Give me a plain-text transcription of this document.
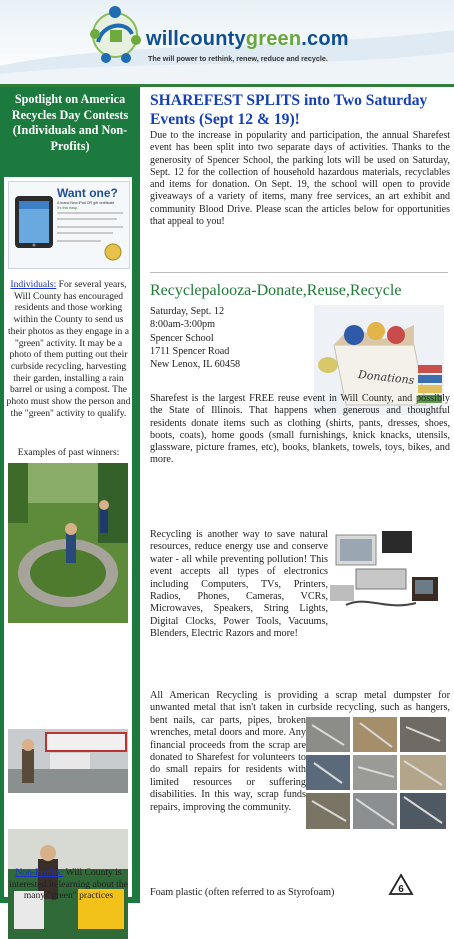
willcountygreen.com
The will power to rethink, renew, reduce and recycle.
Spotlight on America Recycles Day Contests (Individuals and Non-Profits)
Want one?
A brand New iPad OR gift certificate
It's this easy...
Individuals: For several years, Will County has encouraged residents and those working within the County to send us their photos as they engage in a "green" activity. It may be a photo of them putting out their curbside recycling, harvesting their garden, installing a rain barrel or using a compost. The photo must show the person and the "green" activity to qualify.
Examples of past winners:
Non-Profits: Will County is interested in learning about the many "green" practices
SHAREFEST SPLITS into Two Saturday Events (Sept 12 & 19)!
Due to the increase in popularity and participation, the annual Sharefest event has been split into two separate days of activities. Thanks to the generosity of Spencer School, the parking lots will be used on Saturday, Sept. 12 for the collection of household hazardous materials, recyclables and items for donation. On Sept. 19, the school will open to provide giveaways of a variety of items, many free services, an art exhibit and community Blood Drive. Please scan the articles below for opportunities that appeal to you!
Recyclepalooza-Donate,Reuse,Recycle
Saturday, Sept. 12
8:00am-3:00pm
Spencer School
1711 Spencer Road
New Lenox, IL 60458
Donations
Sharefest is the largest FREE reuse event in Will County, and possibly the State of Illinois. That happens when generous and thoughtful residents donate items such as clothing (shirts, pants, dresses, shoes, boots, coats), home goods (small furnishings, knick knacks, utensils, glassware, picture frames, etc), books, blankets, towels, toys, bikes, and more.
Recycling is another way to save natural resources, reduce energy use and conserve water - all while preventing pollution! This event accepts all types of electronics including Computers, TVs, Printers, Radios, Phones, Cameras, VCRs, Microwaves, Speakers, String Lights, Digital Clocks, Power Tools, Vacuums, Blenders, Electric Razors and more!
All American Recycling is providing a scrap metal dumpster for unwanted metal that isn't taken in curbside recycling, such as hangers, bent nails, car parts, pipes, broken wrenches, metal doors and more. Any financial proceeds from the scrap are donated to Sharefest for volunteers to do small repairs for residents with limited resources or suffering disabilities. In this way, scrap funds repairs, improving the community.
Foam plastic (often referred to as Styrofoam)	6
